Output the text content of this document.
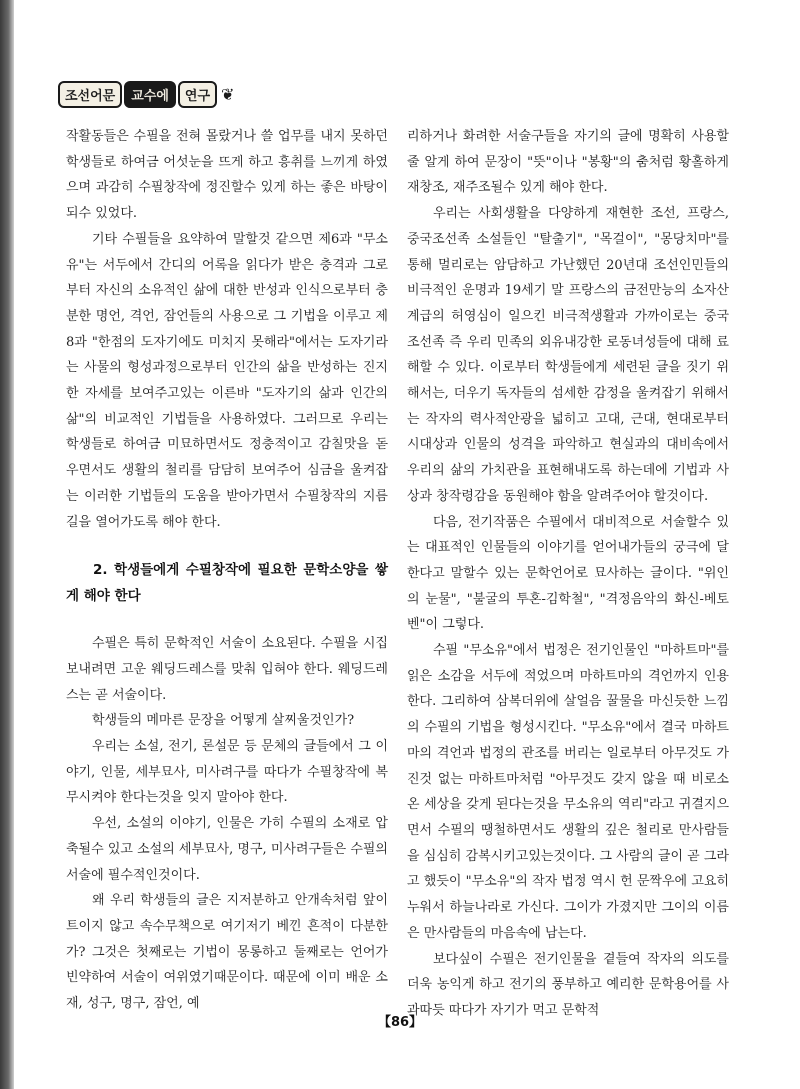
조선어문	교수에	연구 ❦

작활동들은 수필을 전혀 몰랐거나 쓸 업무를 내지 못하던 학생들로 하여금 어섯눈을 뜨게 하고 흥취를 느끼게 하였으며 과감히 수필창작에 정진할수 있게 하는 좋은 바탕이 되수 있었다.

기타 수필들을 요약하여 말할것 같으면 제6과 "무소유"는 서두에서 간디의 어록을 읽다가 받은 충격과 그로부터 자신의 소유적인 삶에 대한 반성과 인식으로부터 충분한 명언, 격언, 잠언들의 사용으로 그 기법을 이루고 제8과 "한점의 도자기에도 미치지 못해라"에서는 도자기라는 사물의 형성과정으로부터 인간의 삶을 반성하는 진지한 자세를 보여주고있는 이른바 "도자기의 삶과 인간의 삶"의 비교적인 기법들을 사용하였다. 그러므로 우리는 학생들로 하여금 미묘하면서도 정충적이고 감칠맛을 돋우면서도 생활의 철리를 담담히 보여주어 심금을 울켜잡는 이러한 기법들의 도움을 받아가면서 수필창작의 지름길을 열어가도록 해야 한다.

2. 학생들에게 수필창작에 필요한 문학소양을 쌓게 해야 한다

수필은 특히 문학적인 서술이 소요된다. 수필을 시집보내려면 고운 웨딩드레스를 맞춰 입혀야 한다. 웨딩드레스는 곧 서술이다.

학생들의 메마른 문장을 어떻게 살찌울것인가?

우리는 소설, 전기, 론설문 등 문체의 글들에서 그 이야기, 인물, 세부묘사, 미사려구를 따다가 수필창작에 복무시켜야 한다는것을 잊지 말아야 한다.

우선, 소설의 이야기, 인물은 가히 수필의 소재로 압축될수 있고 소설의 세부묘사, 명구, 미사려구들은 수필의 서술에 필수적인것이다.

왜 우리 학생들의 글은 지저분하고 안개속처럼 앞이 트이지 않고 속수무책으로 여기저기 베낀 흔적이 다분한가? 그것은 첫째로는 기법이 몽롱하고 둘째로는 언어가 빈약하여 서술이 여위였기때문이다. 때문에 이미 배운 소재, 성구, 명구, 잠언, 예

리하거나 화려한 서술구들을 자기의 글에 명확히 사용할줄 알게 하여 문장이 "뜻"이나 "봉황"의 춤처럼 황홀하게 재창조, 재주조될수 있게 해야 한다.

우리는 사회생활을 다양하게 재현한 조선, 프랑스, 중국조선족 소설들인 "탈출기", "목걸이", "몽당치마"를 통해 멀리로는 암담하고 가난했던 20년대 조선인민들의 비극적인 운명과 19세기 말 프랑스의 금전만능의 소자산계급의 허영심이 일으킨 비극적생활과 가까이로는 중국조선족 즉 우리 민족의 외유내강한 로동녀성들에 대해 료해할 수 있다. 이로부터 학생들에게 세련된 글을 짓기 위해서는, 더우기 독자들의 섬세한 감정을 울켜잡기 위해서는 작자의 력사적안광을 넓히고 고대, 근대, 현대로부터 시대상과 인물의 성격을 파악하고 현실과의 대비속에서 우리의 삶의 가치관을 표현해내도록 하는데에 기법과 사상과 창작령감을 동원해야 함을 알려주어야 할것이다.

다음, 전기작품은 수필에서 대비적으로 서술할수 있는 대표적인 인물들의 이야기를 얻어내가들의 궁극에 달한다고 말할수 있는 문학언어로 묘사하는 글이다. "위인의 눈물", "불굴의 투혼-김학철", "격정음악의 화신-베토벤"이 그렇다.

수필 "무소유"에서 법정은 전기인물인 "마하트마"를 읽은 소감을 서두에 적었으며 마하트마의 격언까지 인용한다. 그리하여 삼복더위에 살얼음 꿀물을 마신듯한 느낌의 수필의 기법을 형성시킨다. "무소유"에서 결국 마하트마의 격언과 법정의 관조를 버리는 일로부터 아무것도 가진것 없는 마하트마처럼 "아무것도 갖지 않을 때 비로소 온 세상을 갖게 된다는것을 무소유의 역리"라고 귀결지으면서 수필의 땡철하면서도 생활의 깊은 철리로 만사람들을 심심히 감복시키고있는것이다. 그 사람의 글이 곧 그라고 했듯이 "무소유"의 작자 법정 역시 헌 문짝우에 고요히 누워서 하늘나라로 가신다. 그이가 가졌지만 그이의 이름은 만사람들의 마음속에 남는다.

보다싶이 수필은 전기인물을 곁들여 작자의 의도를 더욱 농익게 하고 전기의 풍부하고 예리한 문학용어를 사과따듯 따다가 자기가 먹고 문학적

【86】
